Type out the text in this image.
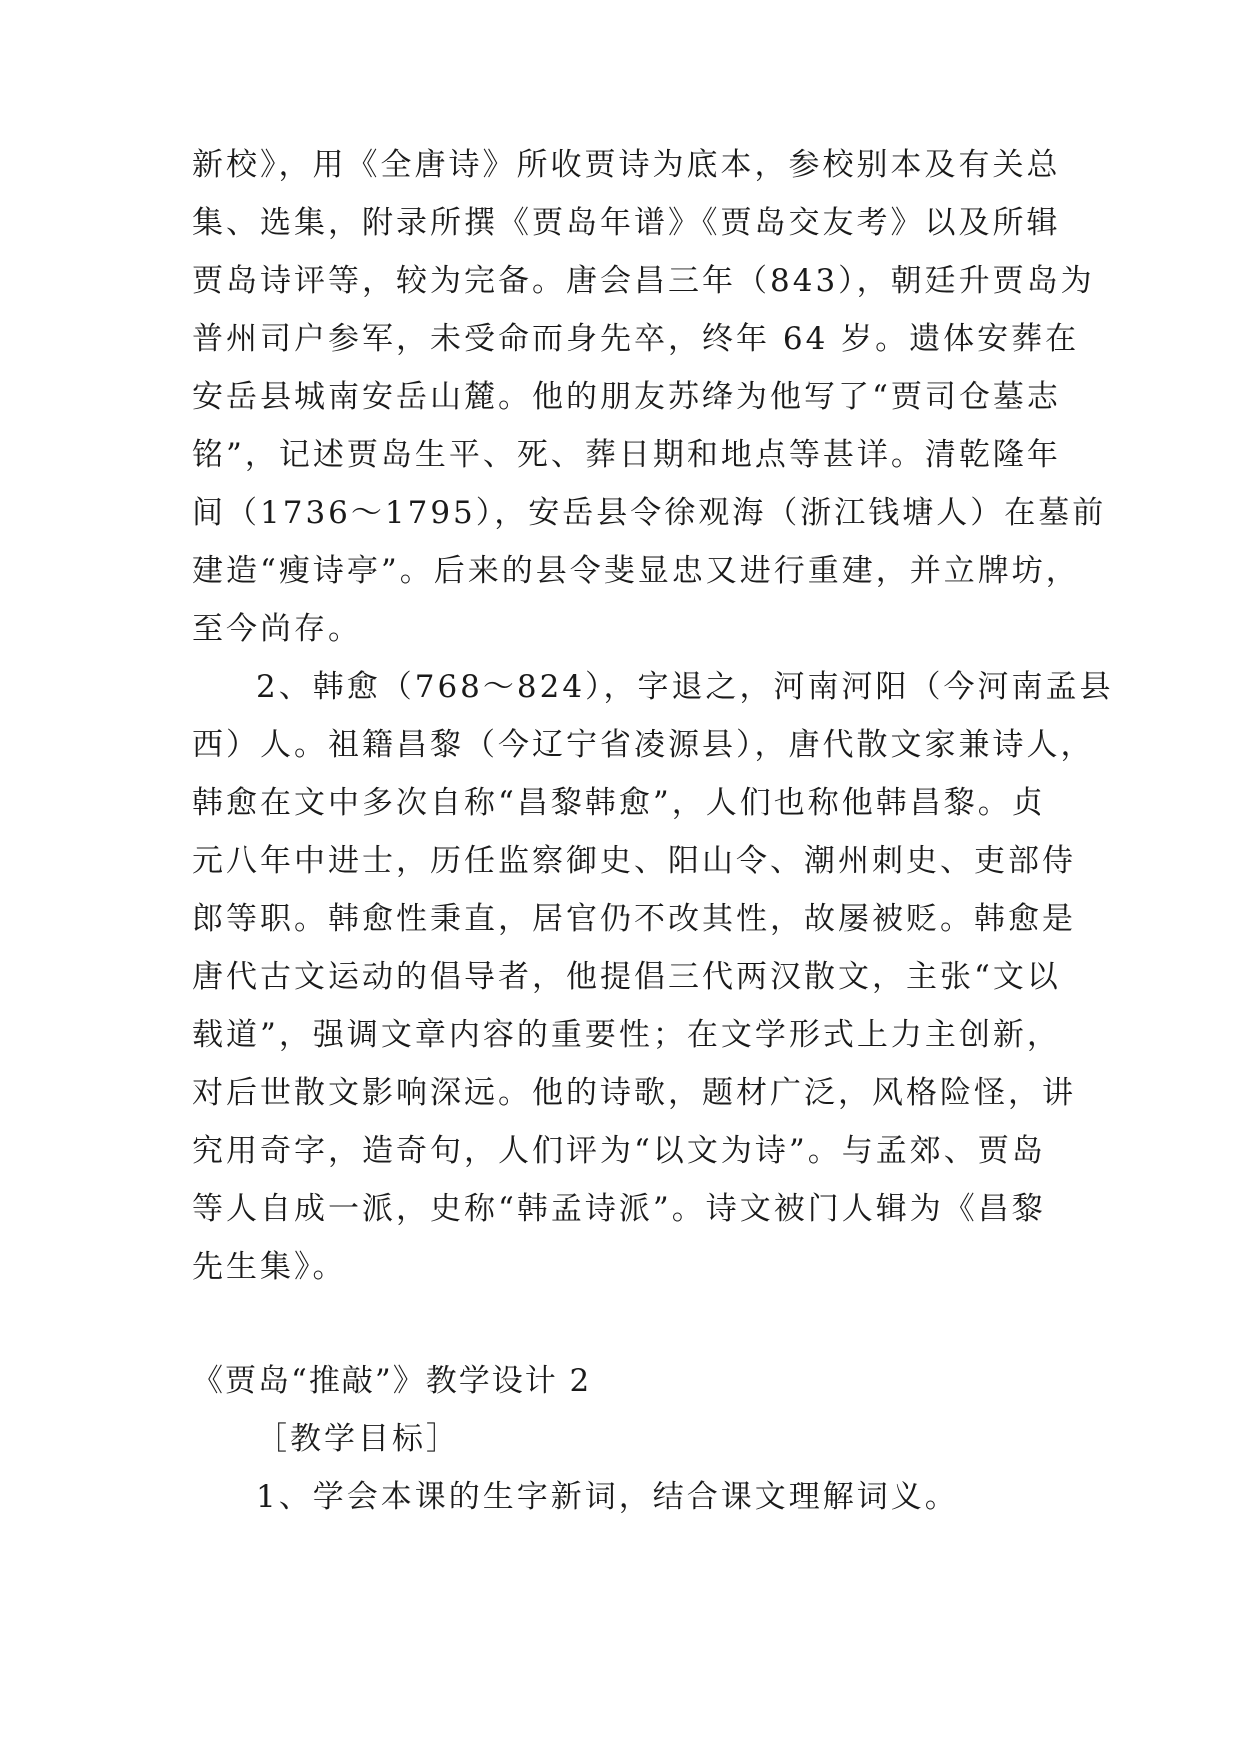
新校》，用《全唐诗》所收贾诗为底本，参校别本及有关总
集、选集，附录所撰《贾岛年谱》《贾岛交友考》以及所辑
贾岛诗评等，较为完备。唐会昌三年（843），朝廷升贾岛为
普州司户参军，未受命而身先卒，终年 64 岁。遗体安葬在
安岳县城南安岳山麓。他的朋友苏绛为他写了“贾司仓墓志
铭”，记述贾岛生平、死、葬日期和地点等甚详。清乾隆年
间（1736～1795），安岳县令徐观海（浙江钱塘人）在墓前
建造“瘦诗亭”。后来的县令斐显忠又进行重建，并立牌坊，
至今尚存。
2、韩愈（768～824），字退之，河南河阳（今河南孟县
西）人。祖籍昌黎（今辽宁省凌源县），唐代散文家兼诗人，
韩愈在文中多次自称“昌黎韩愈”，人们也称他韩昌黎。贞
元八年中进士，历任监察御史、阳山令、潮州刺史、吏部侍
郎等职。韩愈性秉直，居官仍不改其性，故屡被贬。韩愈是
唐代古文运动的倡导者，他提倡三代两汉散文，主张“文以
载道”，强调文章内容的重要性；在文学形式上力主创新，
对后世散文影响深远。他的诗歌，题材广泛，风格险怪，讲
究用奇字，造奇句，人们评为“以文为诗”。与孟郊、贾岛
等人自成一派，史称“韩孟诗派”。诗文被门人辑为《昌黎
先生集》。
《贾岛“推敲”》教学设计 2
［教学目标］
1、学会本课的生字新词，结合课文理解词义。
